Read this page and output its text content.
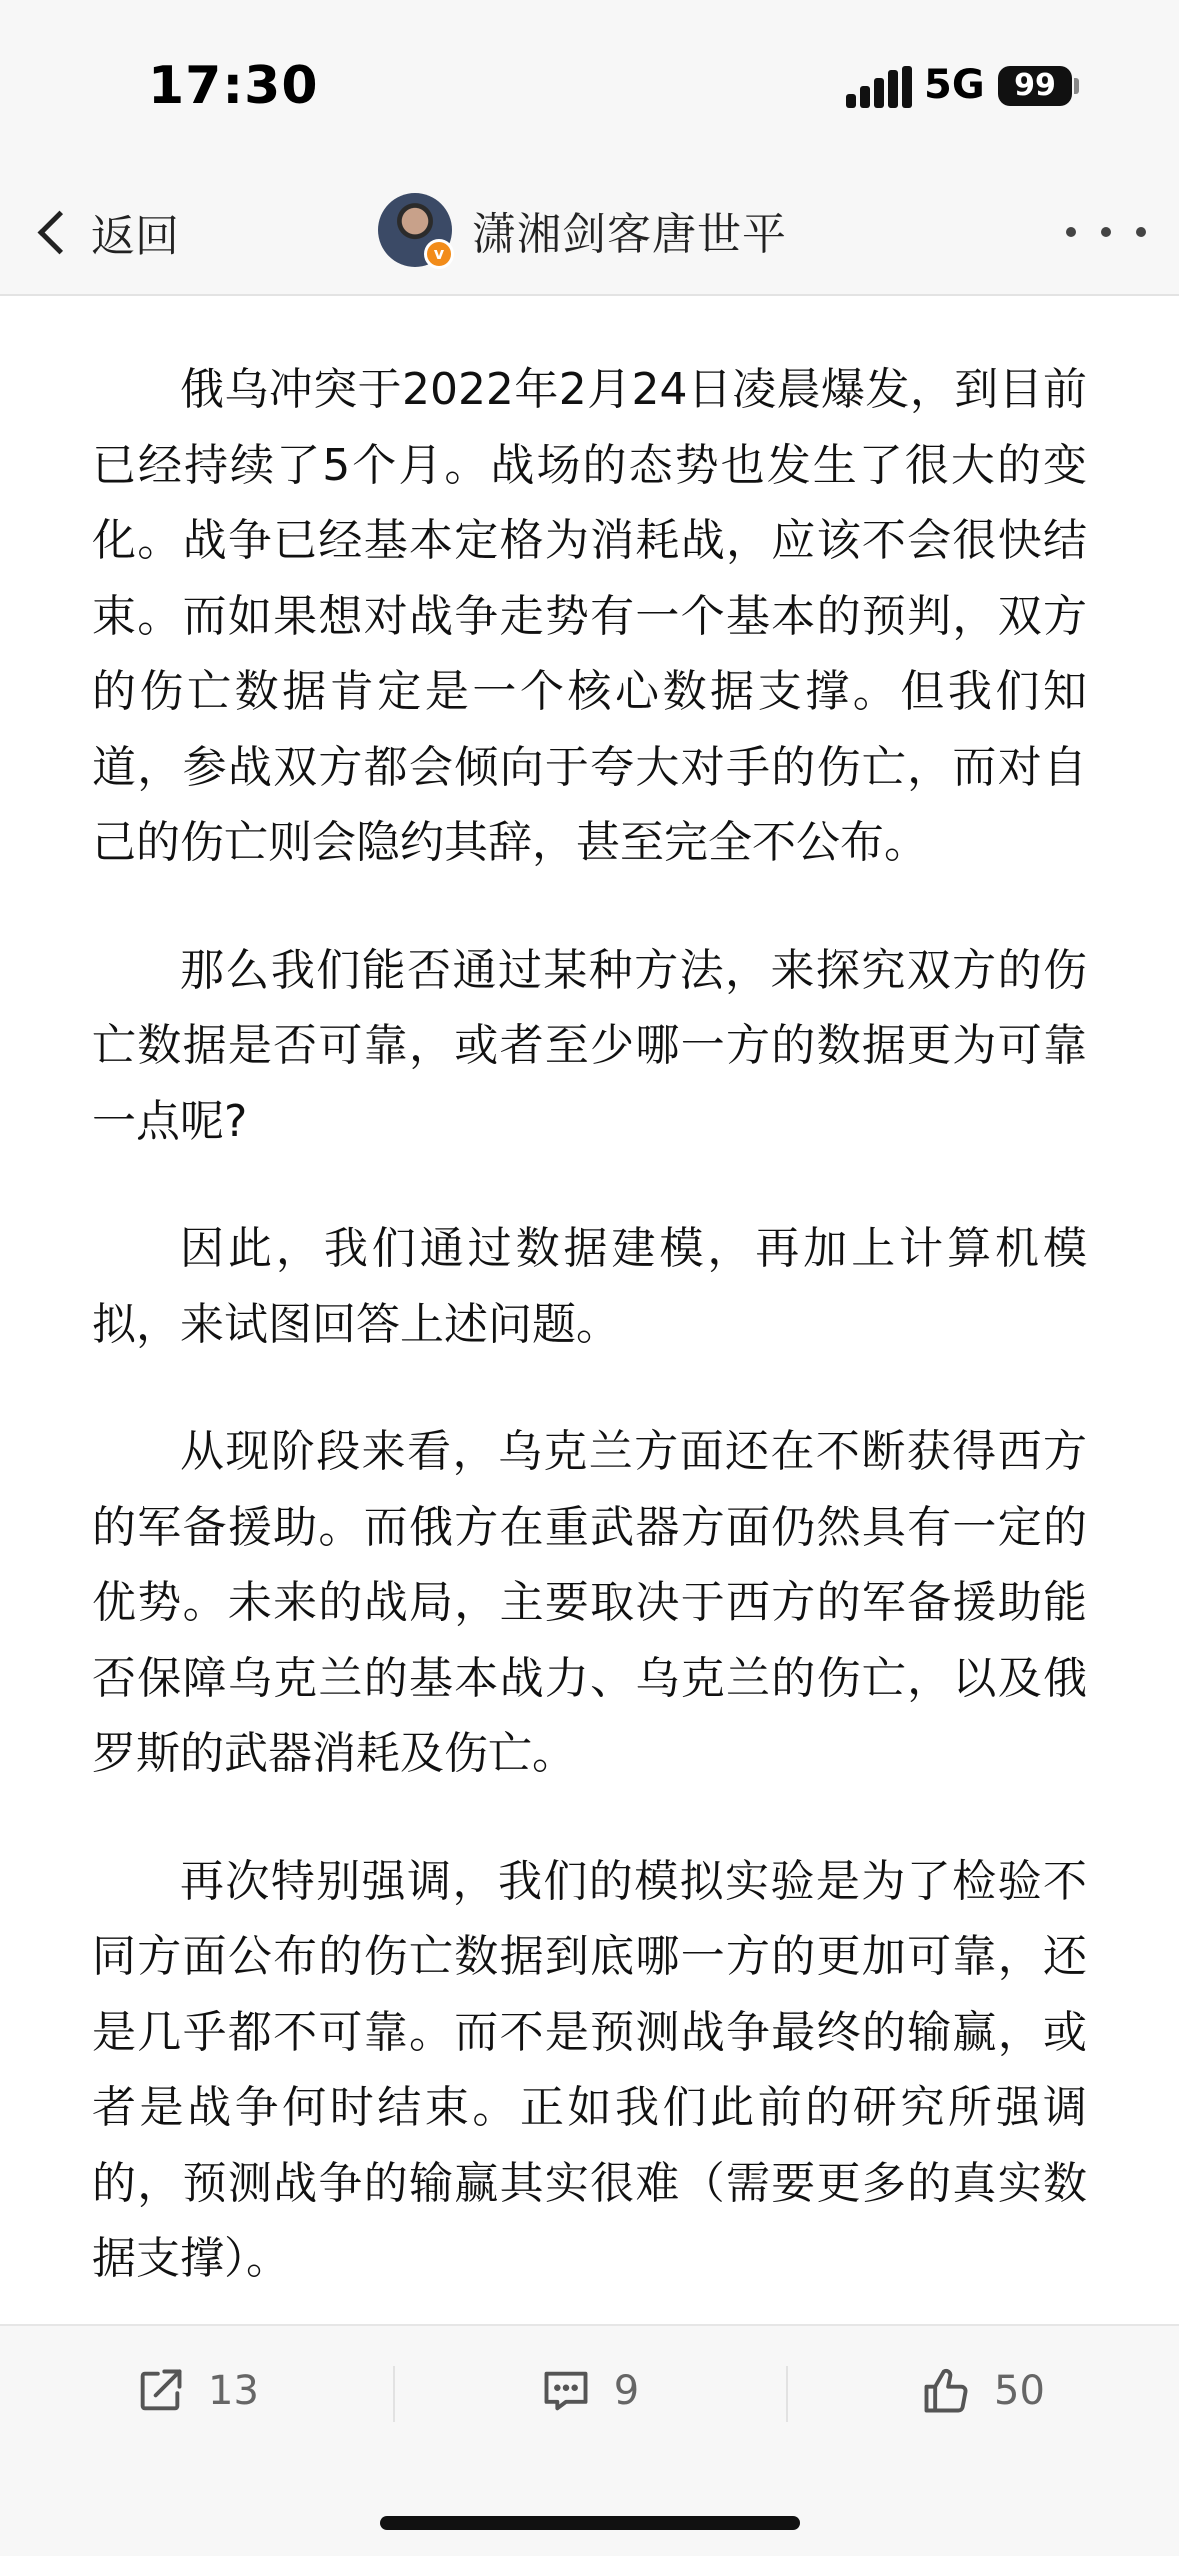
17:30	5G 99
返回	v 潇湘剑客唐世平

俄乌冲突于2022年2月24日凌晨爆发，到目前已经持续了5个月。战场的态势也发生了很大的变化。战争已经基本定格为消耗战，应该不会很快结束。而如果想对战争走势有一个基本的预判，双方的伤亡数据肯定是一个核心数据支撑。但我们知道，参战双方都会倾向于夸大对手的伤亡，而对自己的伤亡则会隐约其辞，甚至完全不公布。

那么我们能否通过某种方法，来探究双方的伤亡数据是否可靠，或者至少哪一方的数据更为可靠一点呢?

因此，我们通过数据建模，再加上计算机模拟，来试图回答上述问题。

从现阶段来看，乌克兰方面还在不断获得西方的军备援助。而俄方在重武器方面仍然具有一定的优势。未来的战局，主要取决于西方的军备援助能否保障乌克兰的基本战力、乌克兰的伤亡，以及俄罗斯的武器消耗及伤亡。

再次特别强调，我们的模拟实验是为了检验不同方面公布的伤亡数据到底哪一方的更加可靠，还是几乎都不可靠。而不是预测战争最终的输赢，或者是战争何时结束。正如我们此前的研究所强调的，预测战争的输赢其实很难（需要更多的真实数据支撑）。

13	9	50
